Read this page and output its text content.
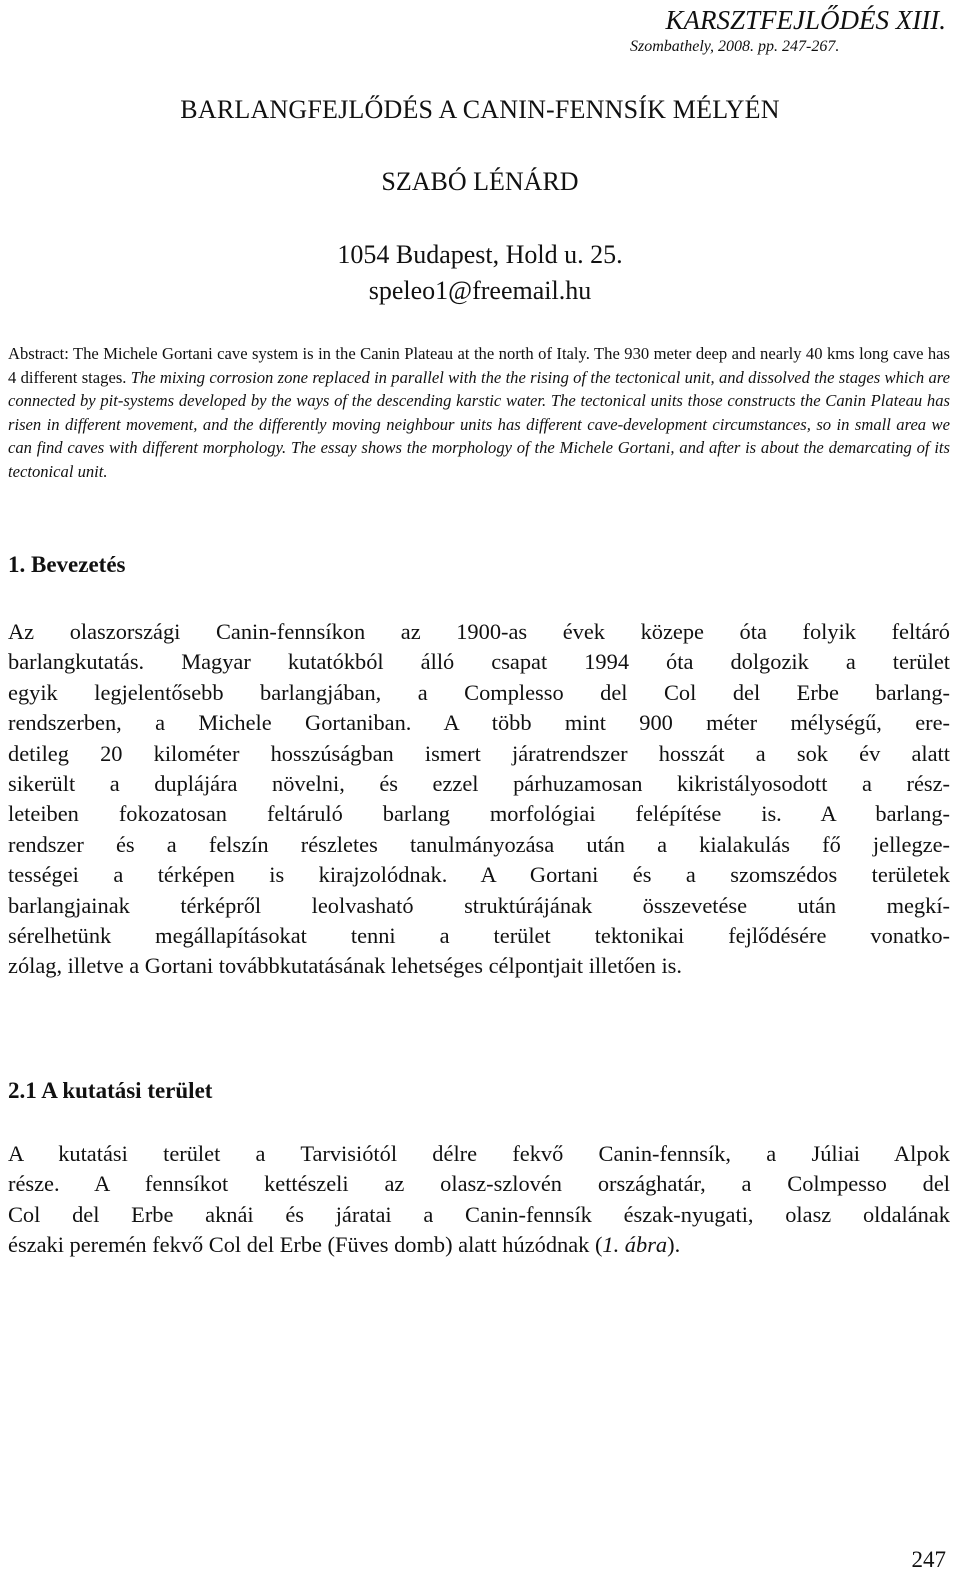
KARSZTFEJLŐDÉS XIII.
Szombathely, 2008. pp. 247-267.
BARLANGFEJLŐDÉS A CANIN-FENNSÍK MÉLYÉN
SZABÓ LÉNÁRD
1054 Budapest, Hold u. 25.
speleo1@freemail.hu
Abstract: The Michele Gortani cave system is in the Canin Plateau at the north of Italy. The 930 meter deep and nearly 40 kms long cave has 4 different stages. The mixing corrosion zone replaced in parallel with the the rising of the tectonical unit, and dissolved the stages which are connected by pit-systems developed by the ways of the descending karstic water. The tectonical units those constructs the Canin Plateau has risen in different movement, and the differently moving neighbour units has different cave-development circumstances, so in small area we can find caves with different morphology. The essay shows the morphology of the Michele Gortani, and after is about the demarcating of its tectonical unit.
1. Bevezetés
Az olaszországi Canin-fennsíkon az 1900-as évek közepe óta folyik feltáró
barlangkutatás. Magyar kutatókból álló csapat 1994 óta dolgozik a terület
egyik legjelentősebb barlangjában, a Complesso del Col del Erbe barlang-
rendszerben, a Michele Gortaniban. A több mint 900 méter mélységű, ere-
detileg 20 kilométer hosszúságban ismert járatrendszer hosszát a sok év alatt
sikerült a duplájára növelni, és ezzel párhuzamosan kikristályosodott a rész-
leteiben fokozatosan feltáruló barlang morfológiai felépítése is. A barlang-
rendszer és a felszín részletes tanulmányozása után a kialakulás fő jellegze-
tességei a térképen is kirajzolódnak. A Gortani és a szomszédos területek
barlangjainak térképről leolvasható struktúrájának összevetése után megkí-
sérelhetünk megállapításokat tenni a terület tektonikai fejlődésére vonatko-
zólag, illetve a Gortani továbbkutatásának lehetséges célpontjait illetően is.
2.1 A kutatási terület
A kutatási terület a Tarvisiótól délre fekvő Canin-fennsík, a Júliai Alpok
része. A fennsíkot kettészeli az olasz-szlovén országhatár, a Colmpesso del
Col del Erbe aknái és járatai a Canin-fennsík észak-nyugati, olasz oldalának
északi peremén fekvő Col del Erbe (Füves domb) alatt húzódnak (1. ábra).
247
